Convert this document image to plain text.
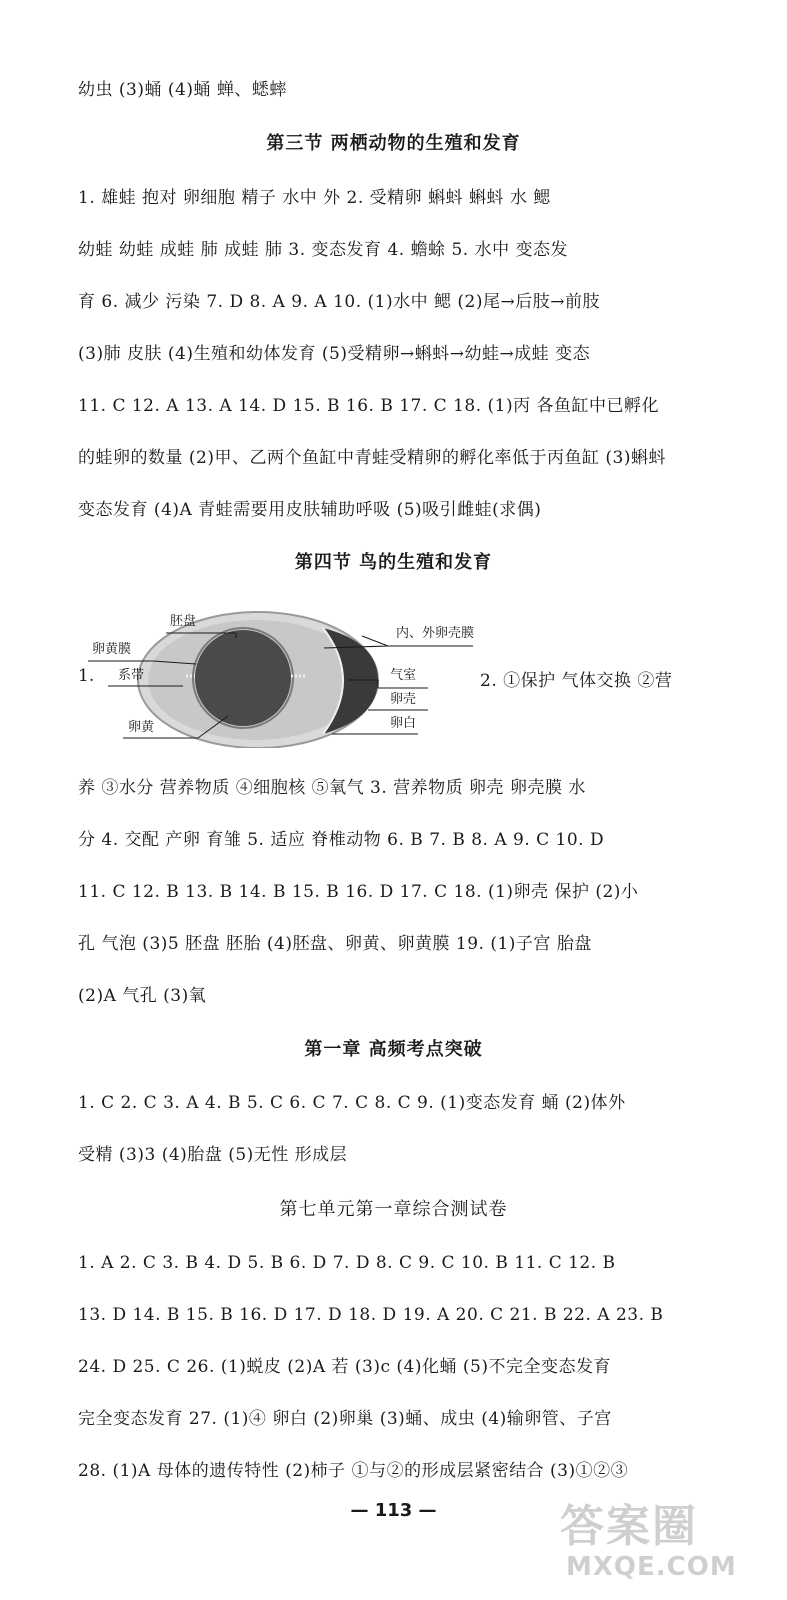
幼虫 (3)蛹 (4)蛹 蝉、蟋蟀
第三节 两栖动物的生殖和发育
1. 雄蛙 抱对 卵细胞 精子 水中 外 2. 受精卵 蝌蚪 蝌蚪 水 鳃
幼蛙 幼蛙 成蛙 肺 成蛙 肺 3. 变态发育 4. 蟾蜍 5. 水中 变态发
育 6. 减少 污染 7. D 8. A 9. A 10. (1)水中 鳃 (2)尾→后肢→前肢
(3)肺 皮肤 (4)生殖和幼体发育 (5)受精卵→蝌蚪→幼蛙→成蛙 变态
11. C 12. A 13. A 14. D 15. B 16. B 17. C 18. (1)丙 各鱼缸中已孵化
的蛙卵的数量 (2)甲、乙两个鱼缸中青蛙受精卵的孵化率低于丙鱼缸 (3)蝌蚪
变态发育 (4)A 青蛙需要用皮肤辅助呼吸 (5)吸引雌蛙(求偶)
第四节 鸟的生殖和发育
1.
胚盘
卵黄膜
系带
卵黄
内、外卵壳膜
气室
卵壳
卵白
2. ①保护 气体交换 ②营
养 ③水分 营养物质 ④细胞核 ⑤氧气 3. 营养物质 卵壳 卵壳膜 水
分 4. 交配 产卵 育雏 5. 适应 脊椎动物 6. B 7. B 8. A 9. C 10. D
11. C 12. B 13. B 14. B 15. B 16. D 17. C 18. (1)卵壳 保护 (2)小
孔 气泡 (3)5 胚盘 胚胎 (4)胚盘、卵黄、卵黄膜 19. (1)子宫 胎盘
(2)A 气孔 (3)氧
第一章 高频考点突破
1. C 2. C 3. A 4. B 5. C 6. C 7. C 8. C 9. (1)变态发育 蛹 (2)体外
受精 (3)3 (4)胎盘 (5)无性 形成层
第七单元第一章综合测试卷
1. A 2. C 3. B 4. D 5. B 6. D 7. D 8. C 9. C 10. B 11. C 12. B
13. D 14. B 15. B 16. D 17. D 18. D 19. A 20. C 21. B 22. A 23. B
24. D 25. C 26. (1)蜕皮 (2)A 若 (3)c (4)化蛹 (5)不完全变态发育
完全变态发育 27. (1)④ 卵白 (2)卵巢 (3)蛹、成虫 (4)输卵管、子宫
28. (1)A 母体的遗传特性 (2)柿子 ①与②的形成层紧密结合 (3)①②③
— 113 —	答案圈
MXQE.COM
